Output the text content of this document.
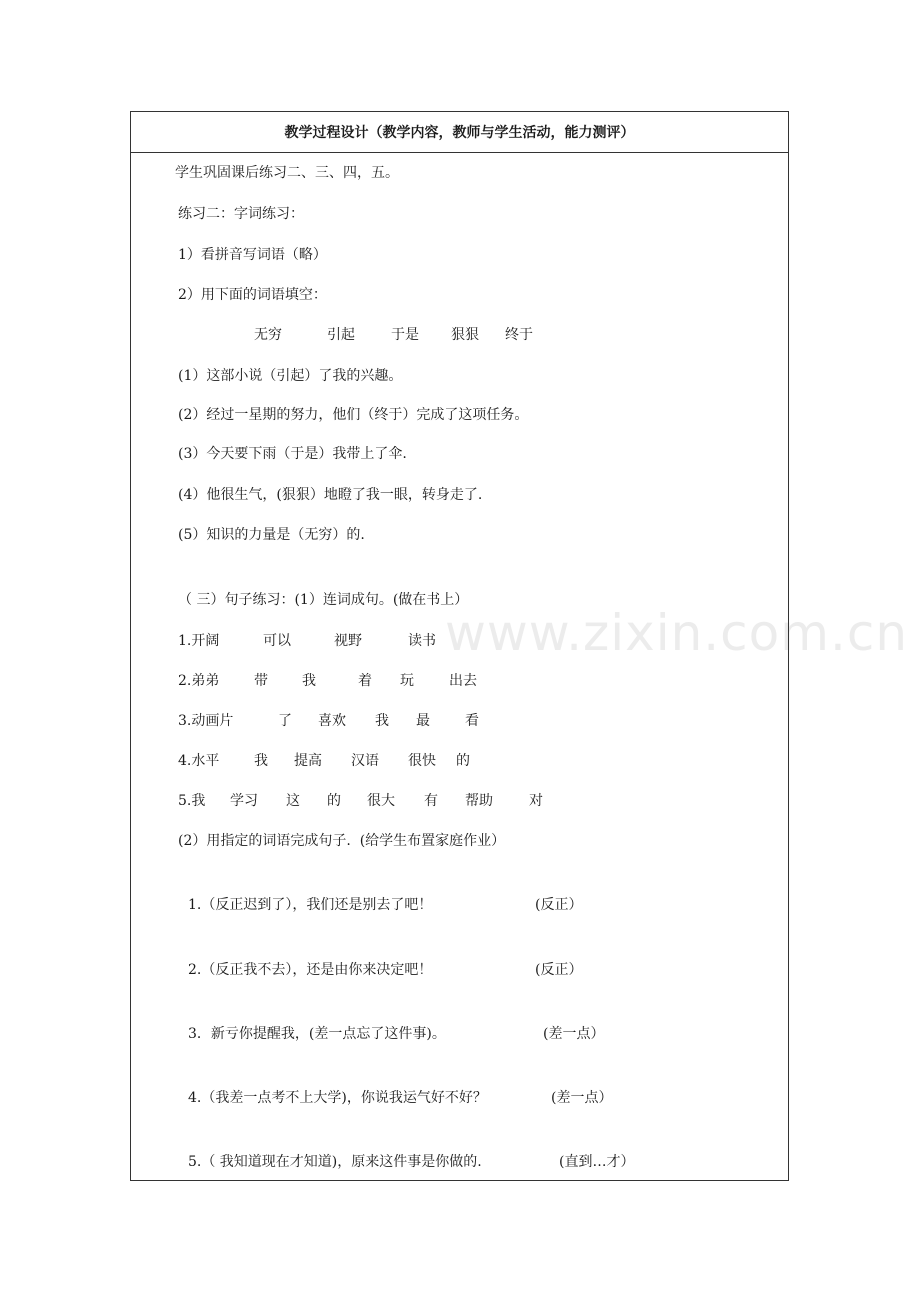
www.zixin.com.cn
教学过程设计（教学内容，教师与学生活动，能力测评）
学生巩固课后练习二、三、四，五。
练习二：字词练习：
1）看拼音写词语（略）
2）用下面的词语填空：
无穷	引起	于是 狠狠 终于
(1）这部小说（引起）了我的兴趣。
(2）经过一星期的努力，他们（终于）完成了这项任务。
(3）今天要下雨（于是）我带上了伞.
(4）他很生气，(狠狠）地瞪了我一眼，转身走了.
(5）知识的力量是（无穷）的.
（ 三）句子练习：(1）连词成句。(做在书上）
1.开阔	可以	视野	读书
2.弟弟 带 我	着 玩	出去
3.动画片	了 喜欢 我 最	看
4.水平 我 提高 汉语 很快 的
5.我 学习 这 的 很大 有 帮助	对
(2）用指定的词语完成句子.  (给学生布置家庭作业）
1.（反正迟到了），我们还是别去了吧！	(反正）
2.（反正我不去），还是由你来决定吧！	(反正）
3．新亏你提醒我，(差一点忘了这件事)。	(差一点）
4.（我差一点考不上大学)，你说我运气好不好？	(差一点）
5.（ 我知道现在才知道)，原来这件事是你做的.	(直到…才）
